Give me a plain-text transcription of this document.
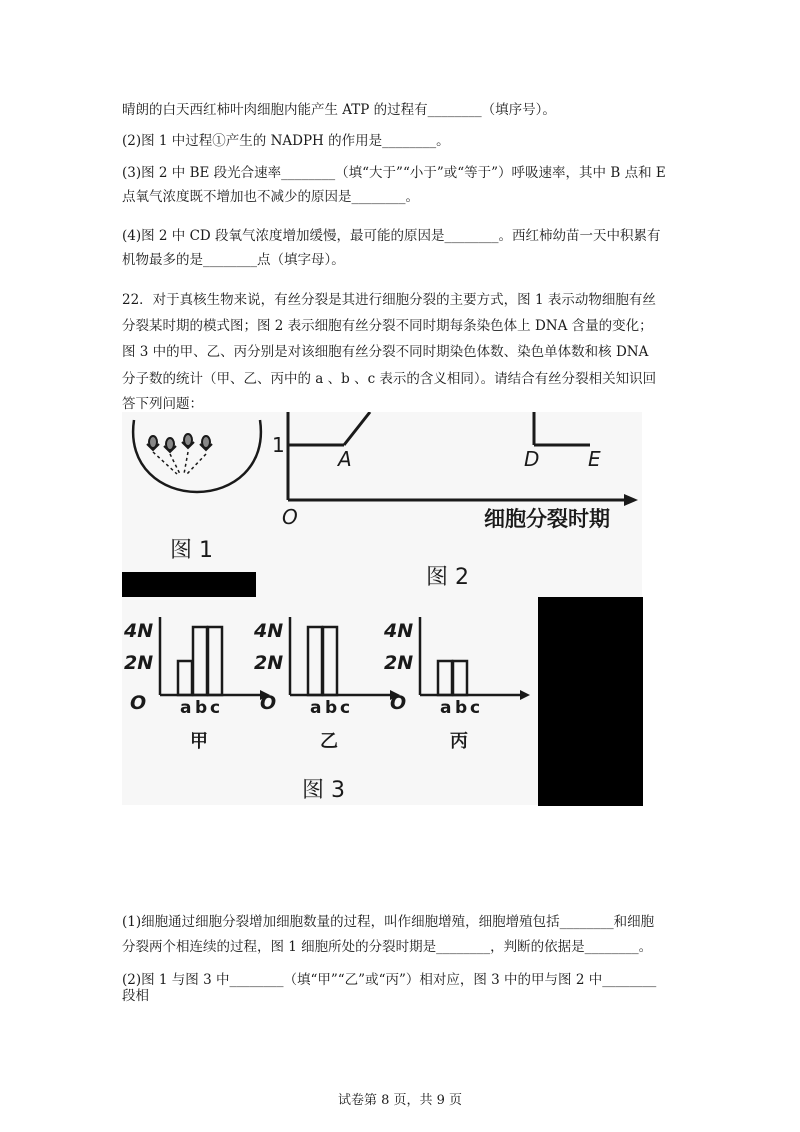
晴朗的白天西红柿叶肉细胞内能产生 ATP 的过程有________（填序号）。
(2)图 1 中过程①产生的 NADPH 的作用是________。
(3)图 2 中 BE 段光合速率________（填“大于”“小于”或“等于”）呼吸速率，其中 B 点和 E
点氧气浓度既不增加也不减少的原因是________。
(4)图 2 中 CD 段氧气浓度增加缓慢，最可能的原因是________。西红柿幼苗一天中积累有
机物最多的是________点（填字母）。
22．对于真核生物来说，有丝分裂是其进行细胞分裂的主要方式，图 1 表示动物细胞有丝
分裂某时期的模式图；图 2 表示细胞有丝分裂不同时期每条染色体上 DNA 含量的变化；
图 3 中的甲、乙、丙分别是对该细胞有丝分裂不同时期染色体数、染色单体数和核 DNA
分子数的统计（甲、乙、丙中的 a 、b 、c 表示的含义相同）。请结合有丝分裂相关知识回
答下列问题：
图 1
1
O
A	D E
细胞分裂时期
图 2
图 3
4N
2N
O a b c
甲
4N
2N
O a b c
乙
4N
2N
O a b c
丙
(1)细胞通过细胞分裂增加细胞数量的过程，叫作细胞增殖，细胞增殖包括________和细胞
分裂两个相连续的过程，图 1 细胞所处的分裂时期是________，判断的依据是________。
(2)图 1 与图 3 中________（填“甲”“乙”或“丙”）相对应，图 3 中的甲与图 2 中________
段相
试卷第 8 页，共 9 页
